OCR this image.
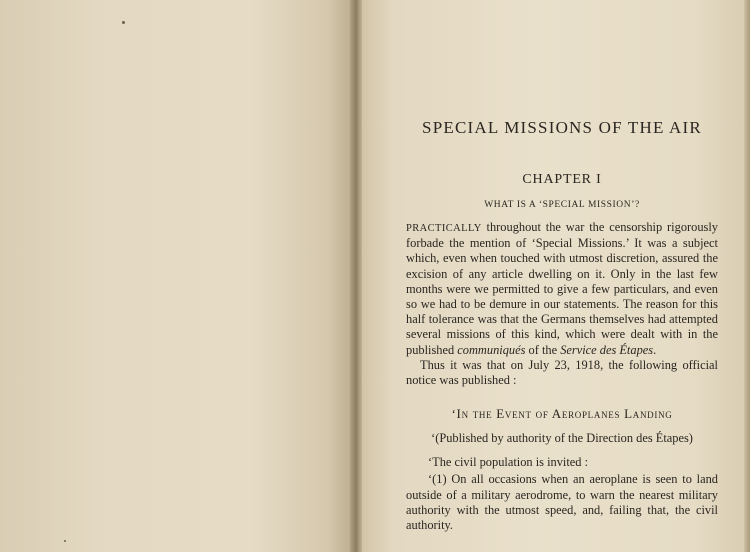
SPECIAL MISSIONS OF THE AIR
CHAPTER I
WHAT IS A ‘SPECIAL MISSION’?

PRACTICALLY throughout the war the censorship rigorously forbade the mention of ‘Special Missions.’ It was a subject which, even when touched with utmost discretion, assured the excision of any article dwelling on it. Only in the last few months were we permitted to give a few particulars, and even so we had to be demure in our statements. The reason for this half tolerance was that the Germans themselves had attempted several missions of this kind, which were dealt with in the published communiqués of the Service des Étapes.

Thus it was that on July 23, 1918, the following official notice was published :

‘In the Event of Aeroplanes Landing

‘(Published by authority of the Direction des Étapes)

‘The civil population is invited :

‘(1) On all occasions when an aeroplane is seen to land outside of a military aerodrome, to warn the nearest military authority with the utmost speed, and, failing that, the civil authority.
